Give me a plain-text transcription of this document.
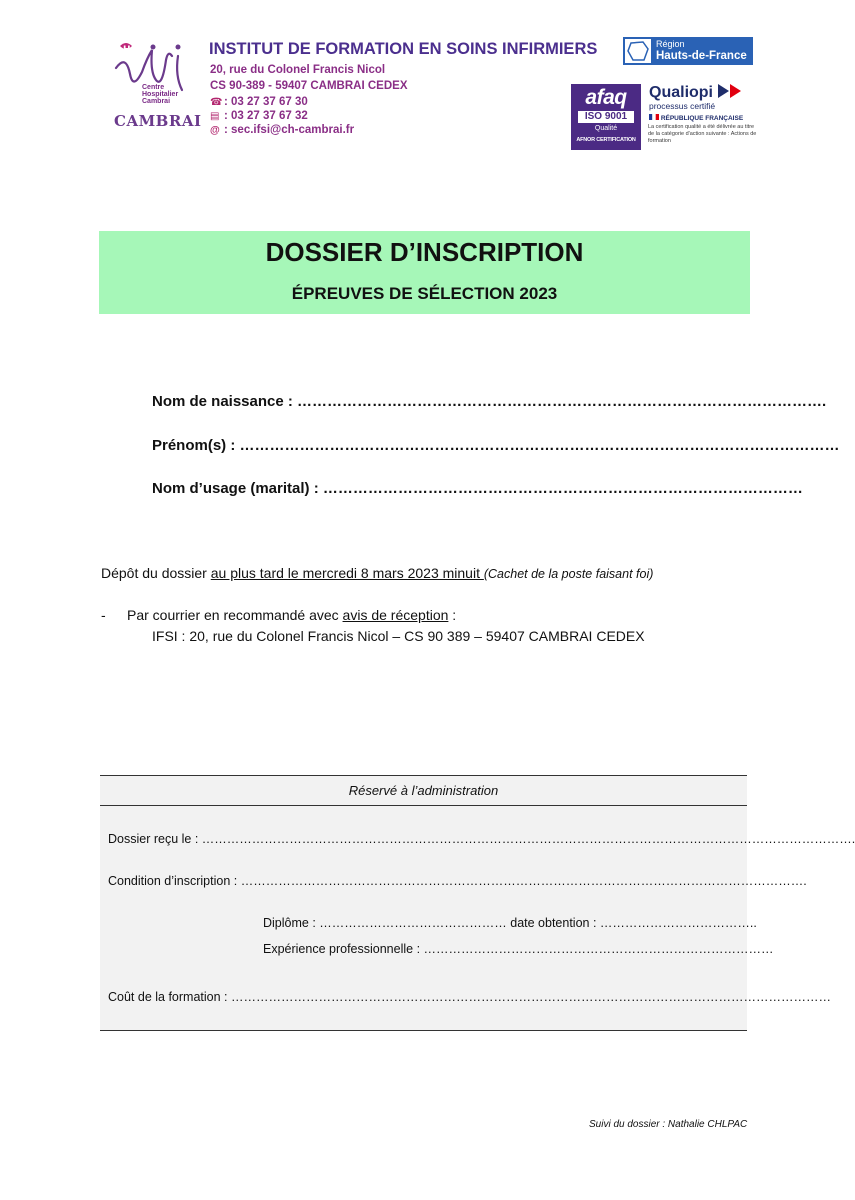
H
Centre
Hospitalier
Cambrai
CAMBRAI
INSTITUT DE FORMATION EN SOINS INFIRMIERS
20, rue du Colonel Francis Nicol
CS 90-389 - 59407 CAMBRAI CEDEX
☎ : 03 27 37 67 30
▤ : 03 27 37 67 32
@ : sec.ifsi@ch-cambrai.fr
Région
Hauts-de-France
afaq
ISO 9001
Qualité
AFNOR CERTIFICATION
Qualiopi
processus certifié
RÉPUBLIQUE FRANÇAISE
La certification qualité a été délivrée au titre de la catégorie d'action suivante : Actions de formation
DOSSIER D’INSCRIPTION
ÉPREUVES DE SÉLECTION 2023
Nom de naissance : …………………………………………………………………………………………….
Prénom(s) : …………………………………………………………………………………………………………
Nom d’usage (marital) : ……………………………………………………………………………………
Dépôt du dossier au plus tard le mercredi 8 mars 2023 minuit (Cachet de la poste faisant foi)
- Par courrier en recommandé avec avis de réception :
IFSI : 20, rue du Colonel Francis Nicol – CS 90 389 – 59407 CAMBRAI CEDEX
Réservé à l’administration
Dossier reçu le : ………………………………………………………………………………………………………………………………………….
Condition d’inscription : ……………………………………………………………………………………………………………………….
Diplôme : ……………………………………… date obtention : ………………………………..
Expérience professionnelle : …………………………………………………………………………
Coût de la formation : ………………………………………………………………………………………………………………………………
Suivi du dossier : Nathalie CHLPAC
